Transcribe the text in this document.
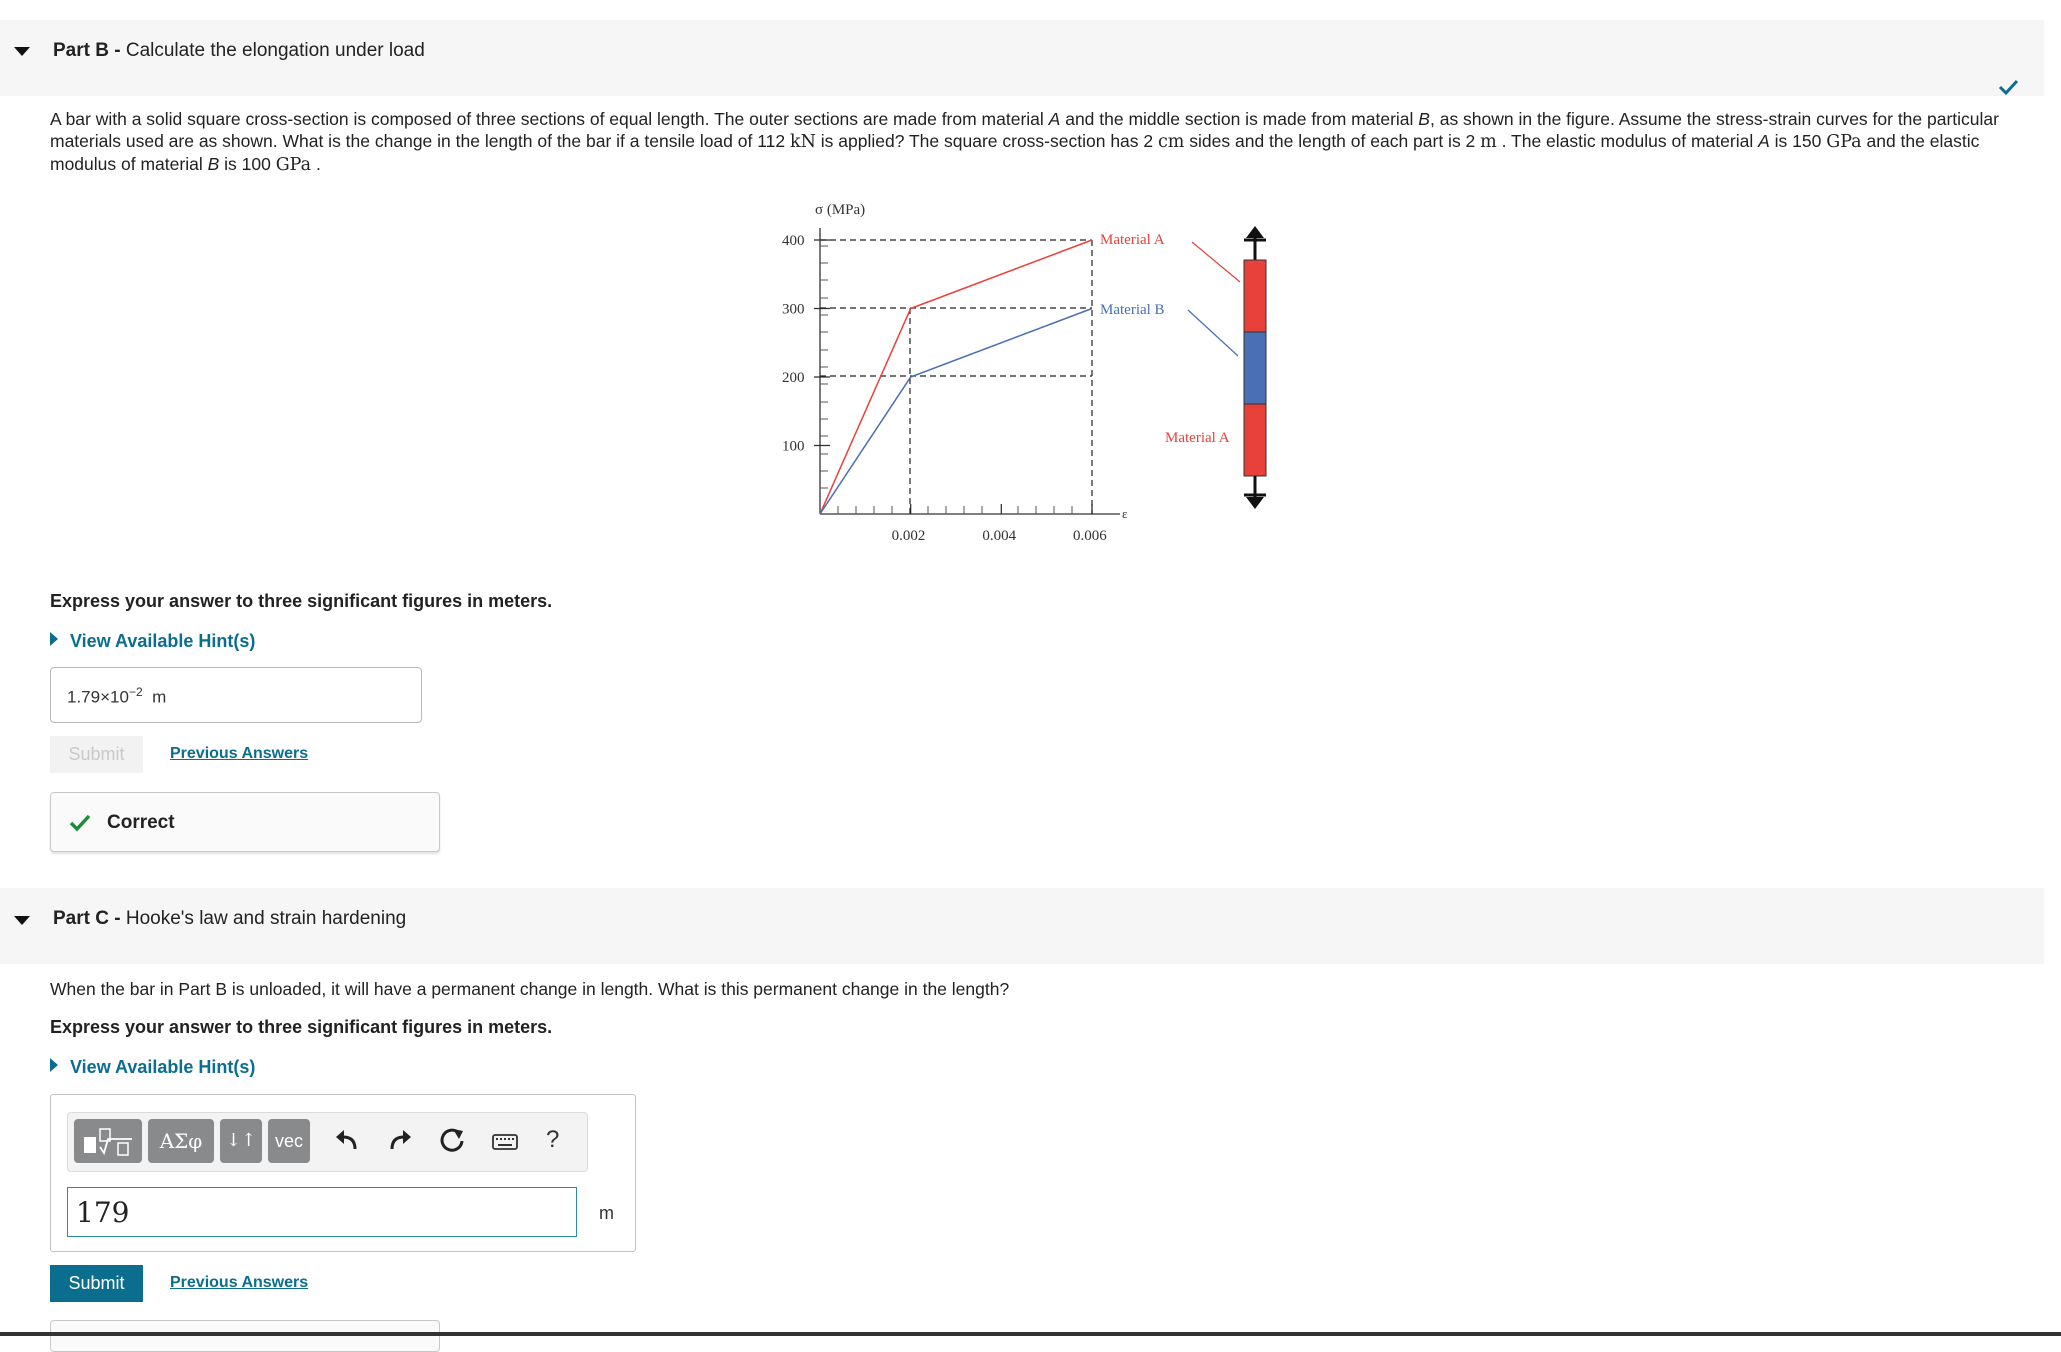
Part B - Calculate the elongation under load
A bar with a solid square cross-section is composed of three sections of equal length. The outer sections are made from material A and the middle section is made from material B, as shown in the figure. Assume the stress-strain curves for the particular materials used are as shown. What is the change in the length of the bar if a tensile load of 112 kN is applied? The square cross-section has 2 cm sides and the length of each part is 2 m . The elastic modulus of material A is 150 GPa and the elastic modulus of material B is 100 GPa .
σ (MPa)
ε
400
300
200
100
0.002	0.004	0.006
Material A
Material B
Material A
Express your answer to three significant figures in meters.
View Available Hint(s)
$1.79\times 10^{-2}$ m
Submit	Previous Answers
Correct
Part C - Hooke's law and strain hardening
When the bar in Part B is unloaded, it will have a permanent change in length. What is this permanent change in the length?
Express your answer to three significant figures in meters.
View Available Hint(s)
ΑΣφ	↓↑	vec	?
179	m
Submit	Previous Answers
